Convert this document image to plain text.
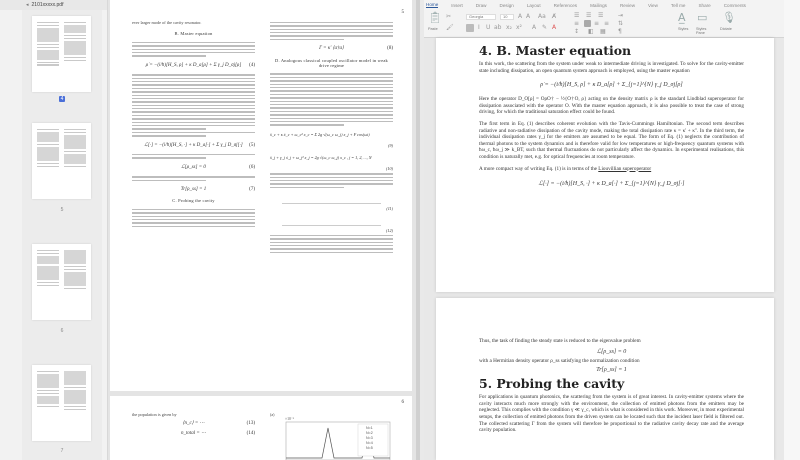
◂ 2101xxxxx.pdf
4
5
6
7
5
ever larger mode of the cavity resonator.
B. Master equation
ρ̇ = −(i/ħ)[H_S, ρ] + κ D_a[ρ] + Σ γ_j D_σj[ρ] (4)
ℒ[·] = −(i/ħ)[H_S, ·] + κ D_a[·] + Σ γ_j D_σj[·] (5)
ℒ[ρ_ss] = 0	(6)
Tr[ρ_ss] = 1	(7)
C. Probing the cavity
Γ = κ' ⟨a†a⟩	(8)
D. Analogous classical coupled oscillator model in weak drive regime
ẍ_c + κ ẋ_c + ω_c² x_c = Σ 2g √(ω_c ω_j) x_j + F cos(ωt)
(9)
ẍ_j + γ_j ẋ_j + ω_j² x_j = 2g √(ω_c ω_j) x_c , j = 1, 2, ..., N
(10)
(11)
(12)
6
the population is given by
⟨n_c⟩ = ⋯	(13)
n_total = ⋯	(14)
(a)
×10⁻³
N=1
N=2
N=3
N=4
N=5
Home	Insert	Draw	Design	Layout	References	Mailings	Review	View	Tell me	Share	Comments
📋︎
Paste
✂
🖌︎
Georgia	10	A A Aa A̸
I U ab x₂ x² A ✎ A
☰ ☰ ☰
≡ ≡ ≡
↕ ◧ ▦
⇥
⇅
¶
A̲
Styles
▭
Styles Pane
🎙︎
Dictate
4. B. Master equation
In this work, the scattering from the system under weak to intermediate driving is investigated. To solve for the cavity-emitter state including dissipation, an open quantum system approach is employed, using the master equation
ρ̇ = −(i/ħ)[H_S, ρ] + κ D_a[ρ] + Σ_{j=1}^{N} γ_j D_σj[ρ]
Here the operator D_O[ρ] = OρO† − ½{O†O, ρ} acting on the density matrix ρ is the standard Lindblad superoperator for dissipation associated with the operator O. With the master equation approach, it is also possible to treat the case of strong driving, for which the traditional saturation effect could be found.
The first term in Eq. (1) describes coherent evolution with the Tavis-Cummings Hamiltonian. The second term describes radiative and non-radiative dissipation of the cavity mode, making the total dissipation rate κ = κ' + κ''. In the third term, the individual dissipation rates γ_j for the emitters are assumed to be equal. The form of Eq. (1) neglects the contribution of thermal photons to the system dynamics and is therefore valid for low temperatures or high-frequency quantum systems with ħω_c, ħω_j ≫ k_BT, such that thermal fluctuations do not particularly affect the dynamics. In experimental realisations, this condition is naturally met, e.g. for optical frequencies at room temperature.
A more compact way of writing Eq. (1) is in terms of the Liouvillian superoperator
ℒ[·] = −(i/ħ)[H_S, ·] + κ D_a[·] + Σ_{j=1}^{N} γ_j D_σj[·]
Thus, the task of finding the steady state is reduced to the eigenvalue problem
ℒ[ρ_ss] = 0
with a Hermitian density operator ρ_ss satisfying the normalization condition
Tr[ρ_ss] = 1
5. Probing the cavity
For applications in quantum photonics, the scattering from the system is of great interest. In cavity-emitter systems where the cavity interacts much more strongly with the environment, the collection of emitted photons from the emitters may be neglected. This complies with the condition γ ≪ γ_c, which is what is considered in this work. Moreover, in most experimental setups, the collection of emitted photons from the driven system can be located such that the incident laser field is filtered out. The collected scattering Γ from the system will therefore be proportional to the radiative cavity decay rate and the average cavity population.
